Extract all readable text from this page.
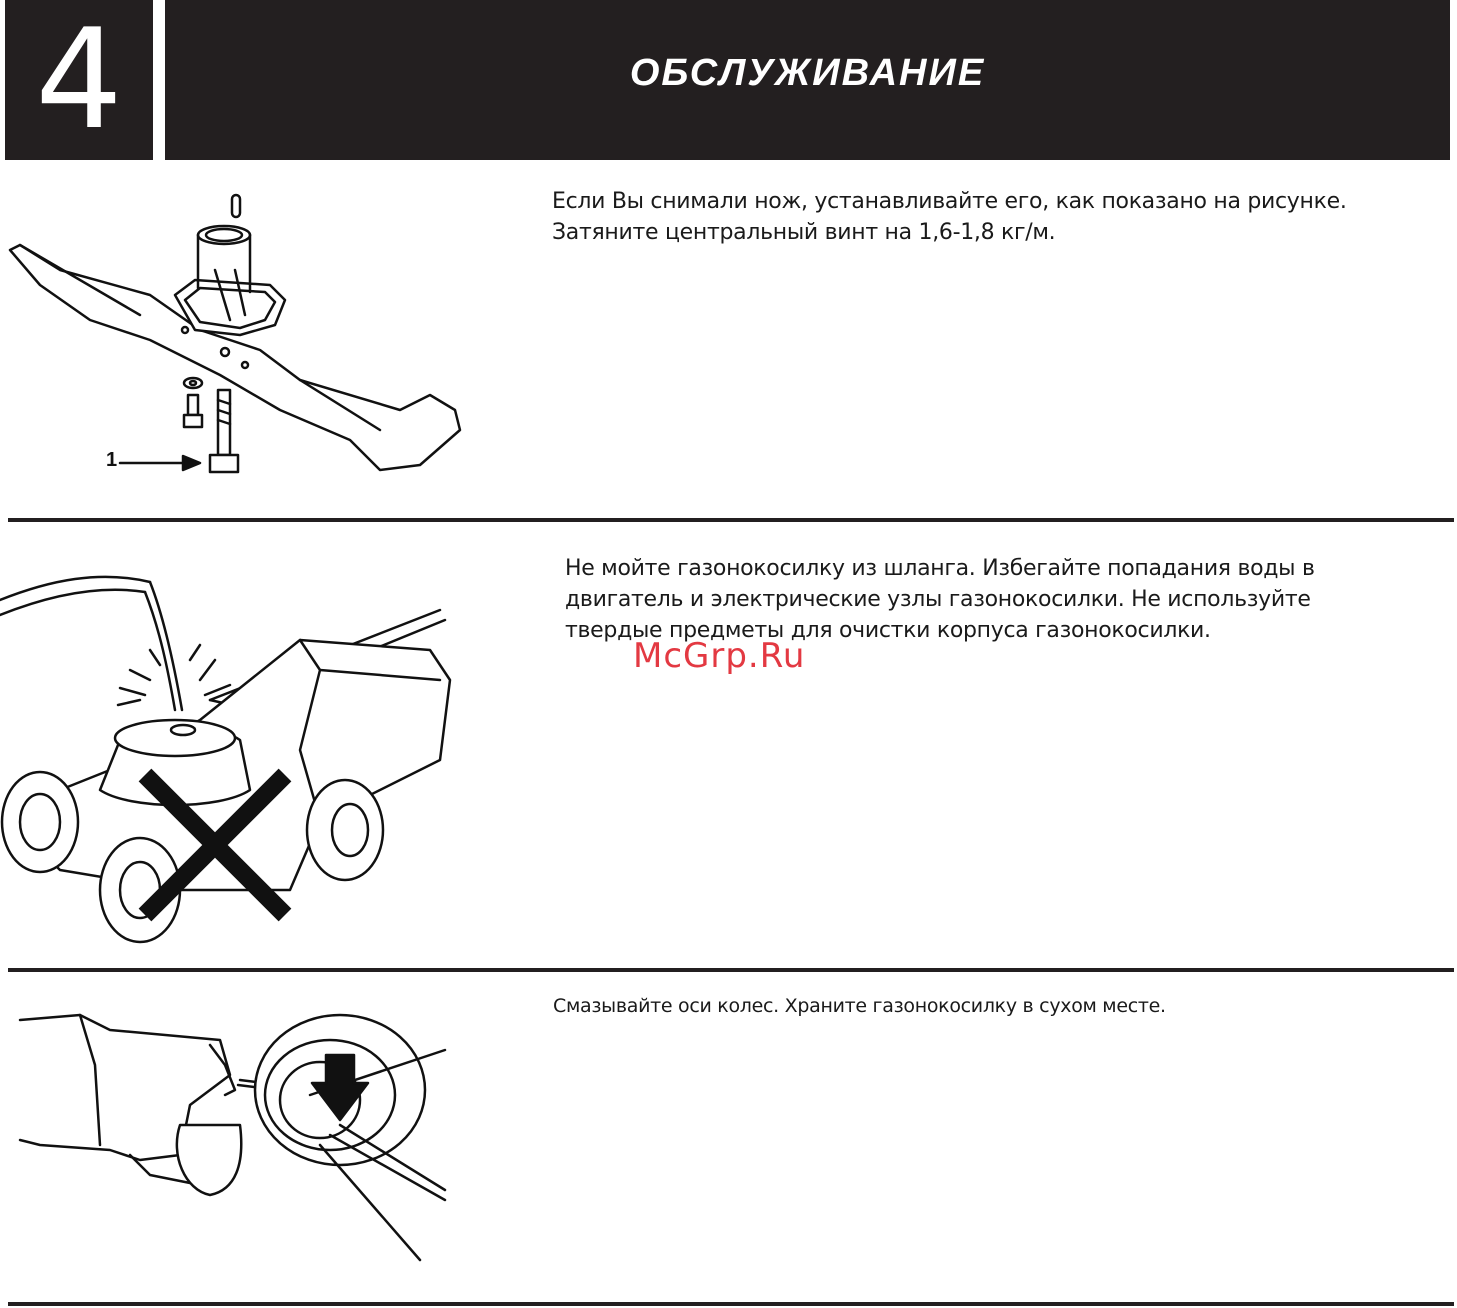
4	ОБСЛУЖИВАНИЕ
1

Если Вы снимали нож, устанавливайте его, как показано на рисунке.

Затяните центральный винт на 1,6-1,8 кг/м.

Не мойте газонокосилку из шланга. Избегайте попадания воды в

двигатель и электрические узлы газонокосилки. Не используйте

твердые предметы для очистки корпуса газонокосилки.

McGrp.Ru

Смазывайте оси колес. Храните газонокосилку в сухом месте.
